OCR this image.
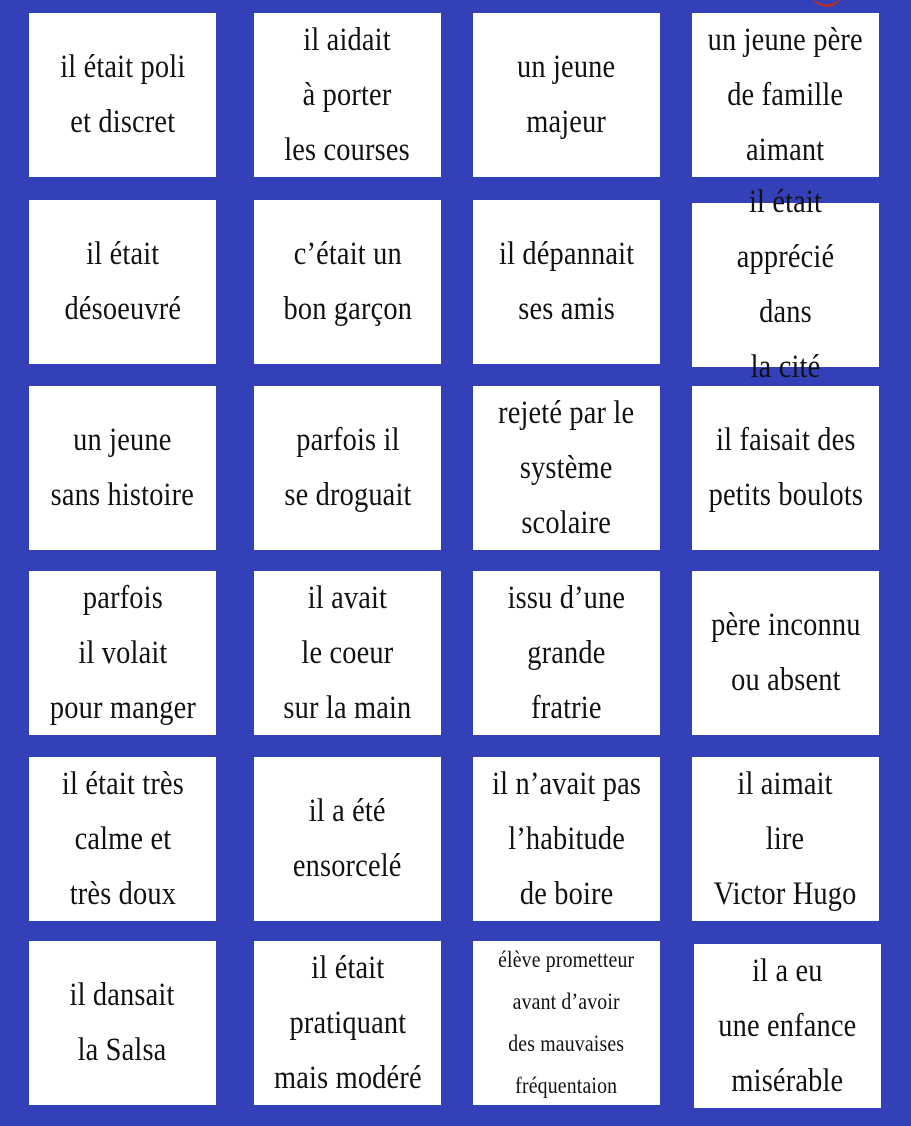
il était poli
et discret
il aidait
à porter
les courses
un jeune
majeur
un jeune père
de famille
aimant
il était
désoeuvré
c’était un
bon garçon
il dépannait
ses amis
il était
apprécié dans
la cité
un jeune
sans histoire
parfois il
se droguait
rejeté par le
système
scolaire
il faisait des
petits boulots
parfois
il volait
pour manger
il avait
le coeur
sur la main
issu d’une
grande
fratrie
père inconnu
ou absent
il était très
calme et
très doux
il a été
ensorcelé
il n’avait pas
l’habitude
de boire
il aimait
lire
Victor Hugo
il dansait
la Salsa
il était
pratiquant
mais modéré
élève prometteur
avant d’avoir
des mauvaises
fréquentaion
il a eu
une enfance
misérable
